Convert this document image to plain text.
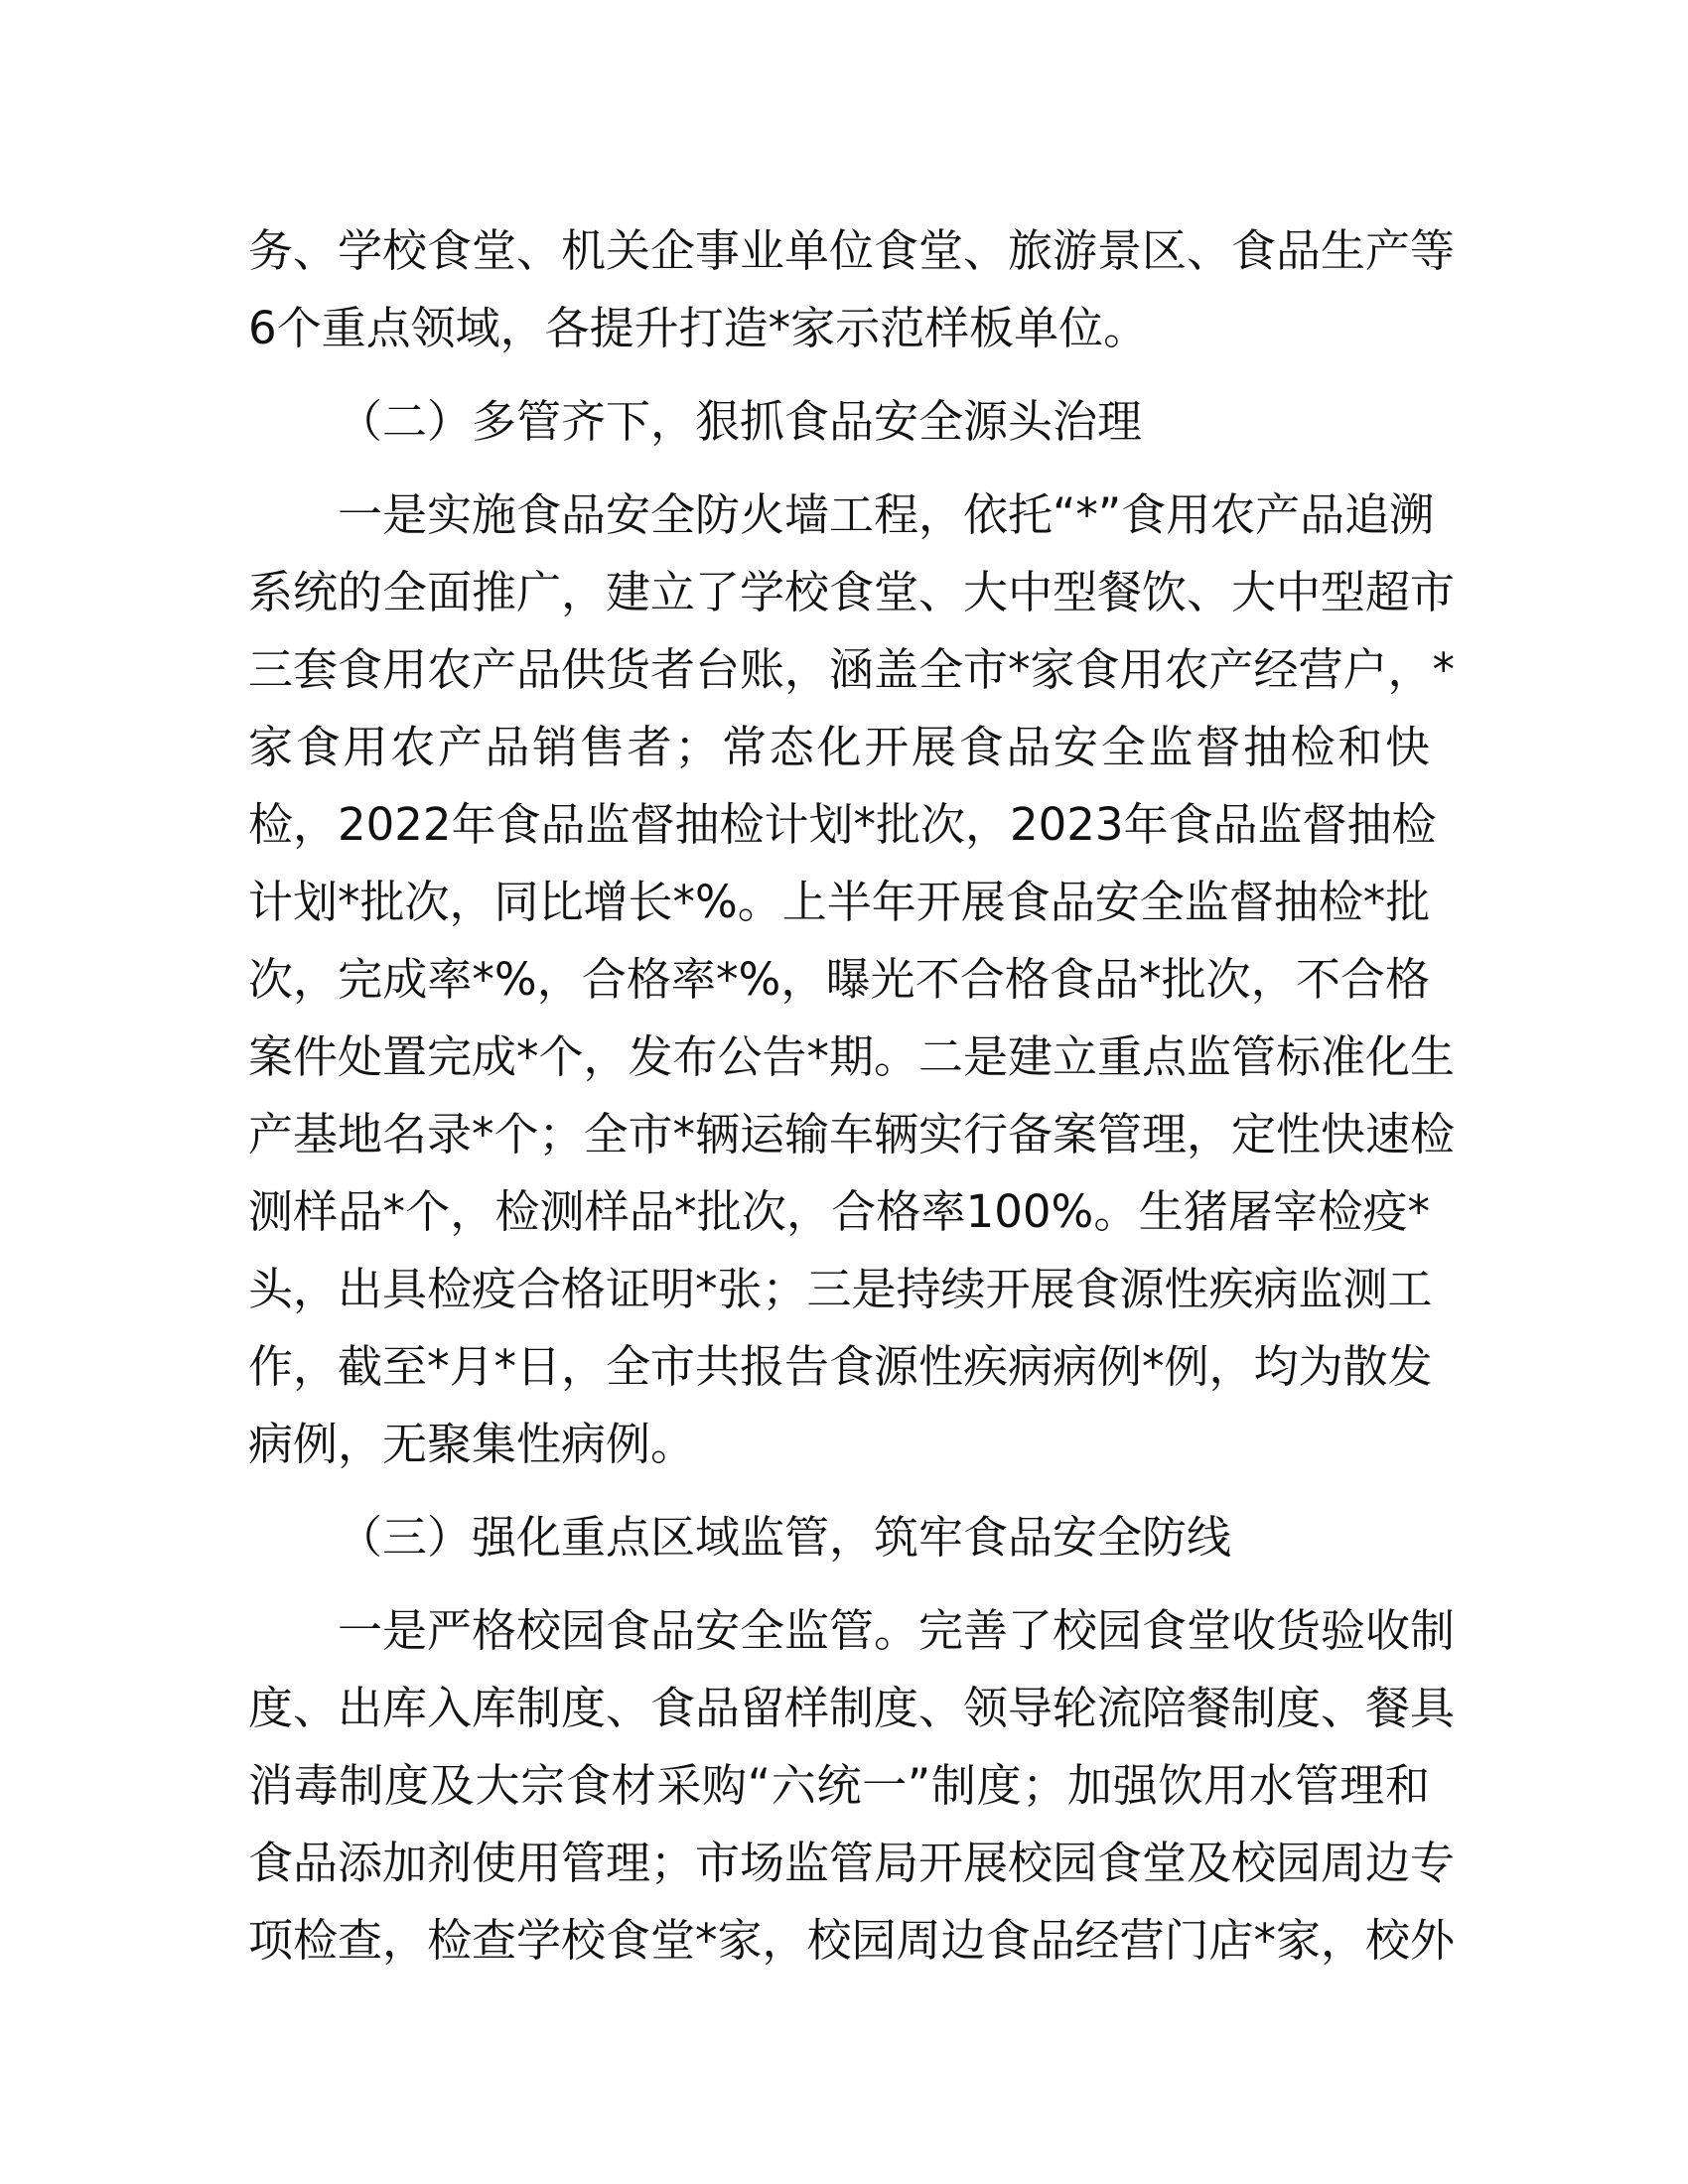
务、学校食堂、机关企事业单位食堂、旅游景区、食品生产等
6个重点领域，各提升打造*家示范样板单位。
（二）多管齐下，狠抓食品安全源头治理
一是实施食品安全防火墙工程，依托“*”食用农产品追溯
系统的全面推广，建立了学校食堂、大中型餐饮、大中型超市
三套食用农产品供货者台账，涵盖全市*家食用农产经营户，*
家食用农产品销售者；常态化开展食品安全监督抽检和快
检，2022年食品监督抽检计划*批次，2023年食品监督抽检
计划*批次，同比增长*%。上半年开展食品安全监督抽检*批
次，完成率*%，合格率*%，曝光不合格食品*批次，不合格
案件处置完成*个，发布公告*期。二是建立重点监管标准化生
产基地名录*个；全市*辆运输车辆实行备案管理，定性快速检
测样品*个，检测样品*批次，合格率100%。生猪屠宰检疫*
头，出具检疫合格证明*张；三是持续开展食源性疾病监测工
作，截至*月*日，全市共报告食源性疾病病例*例，均为散发
病例，无聚集性病例。
（三）强化重点区域监管，筑牢食品安全防线
一是严格校园食品安全监管。完善了校园食堂收货验收制
度、出库入库制度、食品留样制度、领导轮流陪餐制度、餐具
消毒制度及大宗食材采购“六统一”制度；加强饮用水管理和
食品添加剂使用管理；市场监管局开展校园食堂及校园周边专
项检查，检查学校食堂*家，校园周边食品经营门店*家，校外
